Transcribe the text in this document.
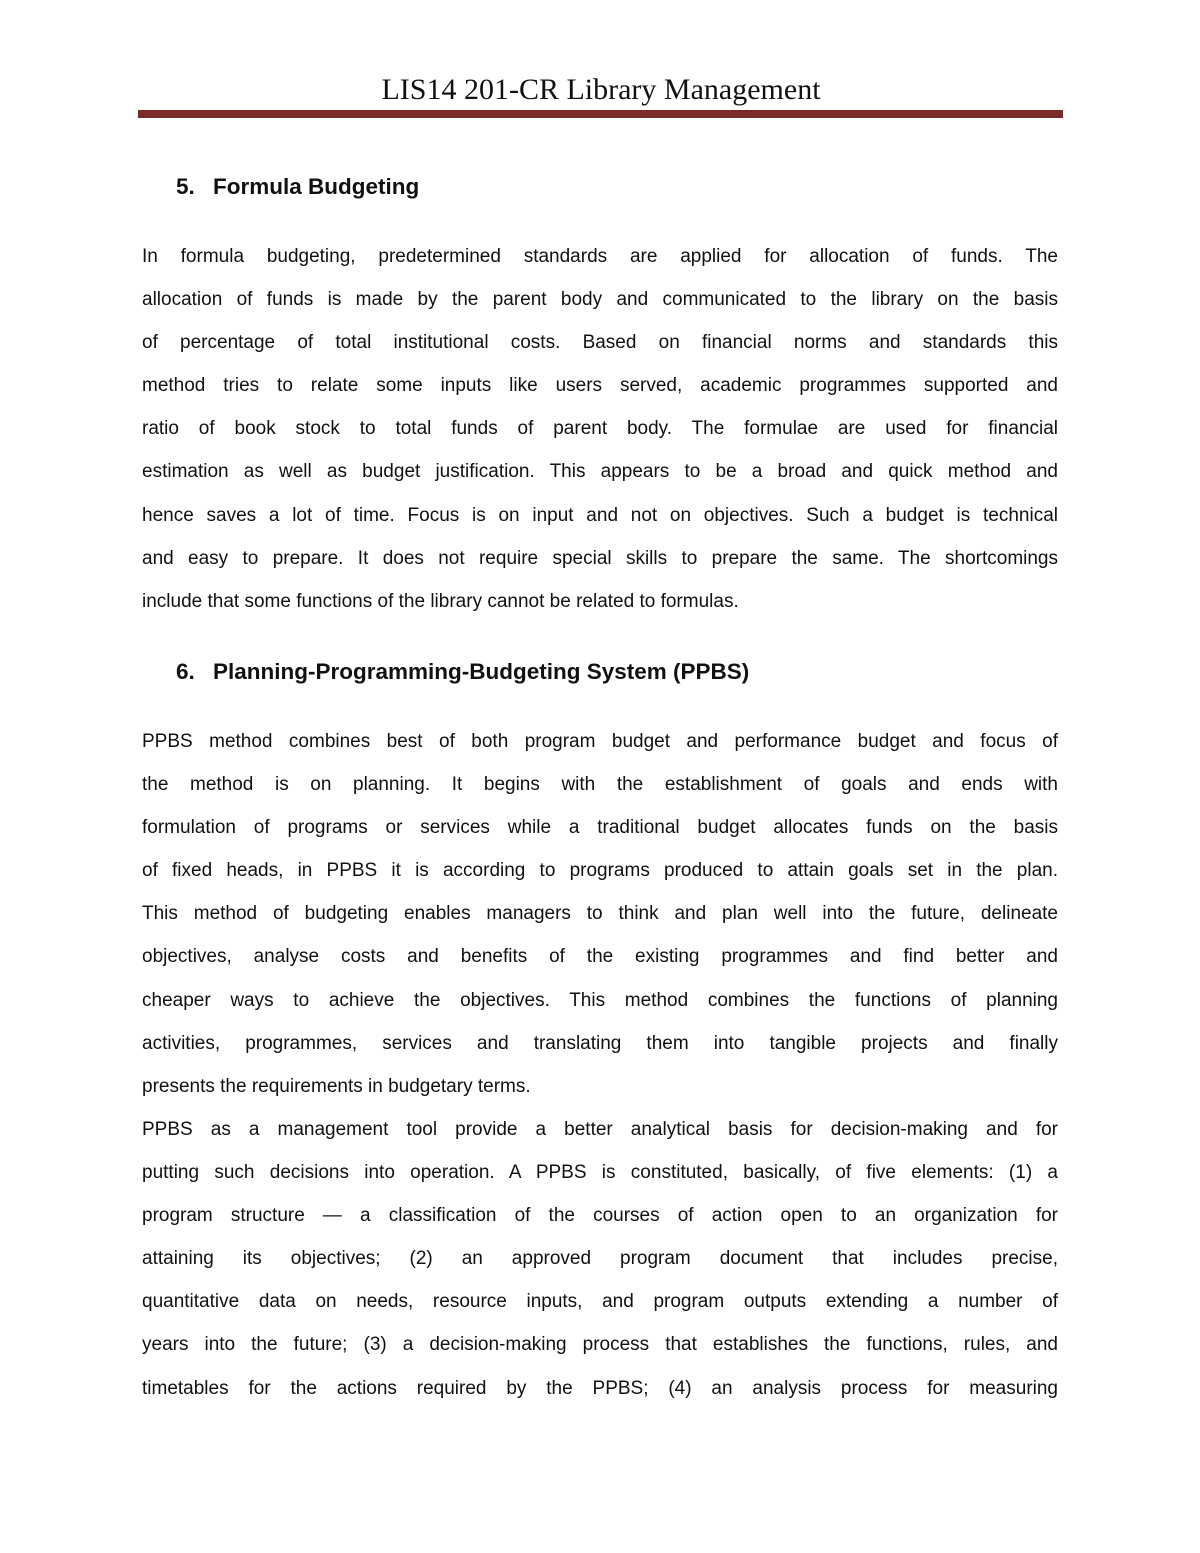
LIS14 201-CR Library Management
5. Formula Budgeting
In formula budgeting, predetermined standards are applied for allocation of funds. The
allocation of funds is made by the parent body and communicated to the library on the basis
of percentage of total institutional costs. Based on financial norms and standards this
method tries to relate some inputs like users served, academic programmes supported and
ratio of book stock to total funds of parent body. The formulae are used for financial
estimation as well as budget justification. This appears to be a broad and quick method and
hence saves a lot of time. Focus is on input and not on objectives. Such a budget is technical
and easy to prepare. It does not require special skills to prepare the same. The shortcomings
include that some functions of the library cannot be related to formulas.
6. Planning-Programming-Budgeting System (PPBS)
PPBS method combines best of both program budget and performance budget and focus of
the method is on planning. It begins with the establishment of goals and ends with
formulation of programs or services while a traditional budget allocates funds on the basis
of fixed heads, in PPBS it is according to programs produced to attain goals set in the plan.
This method of budgeting enables managers to think and plan well into the future, delineate
objectives, analyse costs and benefits of the existing programmes and find better and
cheaper ways to achieve the objectives. This method combines the functions of planning
activities, programmes, services and translating them into tangible projects and finally
presents the requirements in budgetary terms.
PPBS as a management tool provide a better analytical basis for decision-making and for
putting such decisions into operation. A PPBS is constituted, basically, of five elements: (1) a
program structure — a classification of the courses of action open to an organization for
attaining its objectives; (2) an approved program document that includes precise,
quantitative data on needs, resource inputs, and program outputs extending a number of
years into the future; (3) a decision-making process that establishes the functions, rules, and
timetables for the actions required by the PPBS; (4) an analysis process for measuring
